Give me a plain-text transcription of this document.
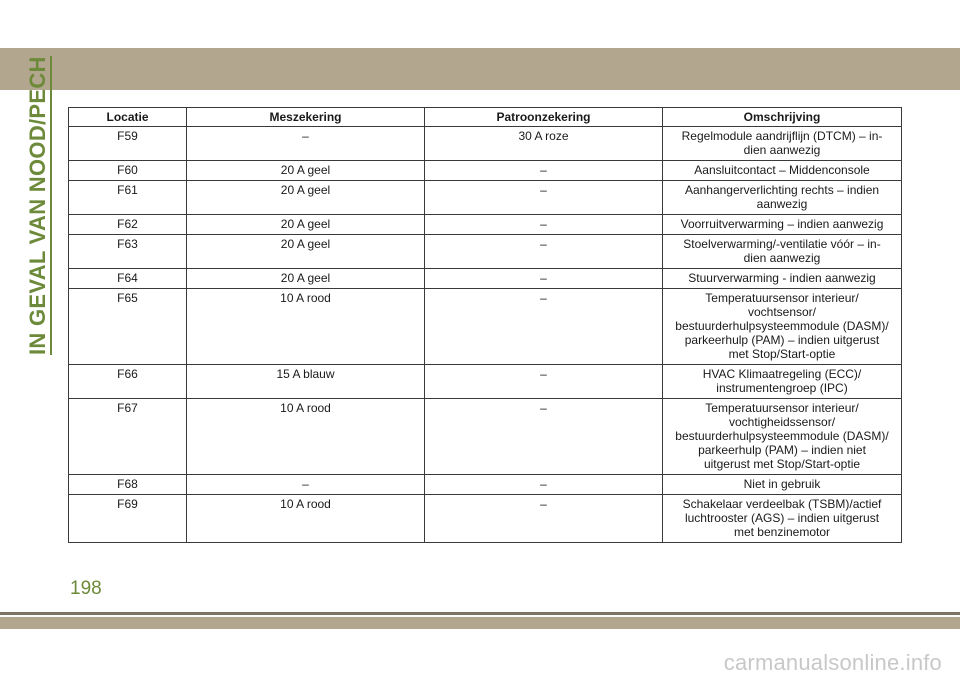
IN GEVAL VAN NOOD/PECH	Locatie	Meszekering	Patroonzekering	Omschrijving
F59	–	30 A roze	Regelmodule aandrijflijn (DTCM) – in-
dien aanwezig
F60	20 A geel	–	Aansluitcontact – Middenconsole
F61	20 A geel	–	Aanhangerverlichting rechts – indien
aanwezig
F62	20 A geel	–	Voorruitverwarming – indien aanwezig
F63	20 A geel	–	Stoelverwarming/-ventilatie vóór – in-
dien aanwezig
F64	20 A geel	–	Stuurverwarming - indien aanwezig
F65	10 A rood	–	Temperatuursensor interieur/
vochtsensor/
bestuurderhulpsysteemmodule (DASM)/
parkeerhulp (PAM) – indien uitgerust
met Stop/Start-optie
F66	15 A blauw	–	HVAC Klimaatregeling (ECC)/
instrumentengroep (IPC)
F67	10 A rood	–	Temperatuursensor interieur/
vochtigheidssensor/
bestuurderhulpsysteemmodule (DASM)/
parkeerhulp (PAM) – indien niet
uitgerust met Stop/Start-optie
F68	–	–	Niet in gebruik
F69	10 A rood	–	Schakelaar verdeelbak (TSBM)/actief
luchtrooster (AGS) – indien uitgerust
met benzinemotor
198
carmanualsonline.info
